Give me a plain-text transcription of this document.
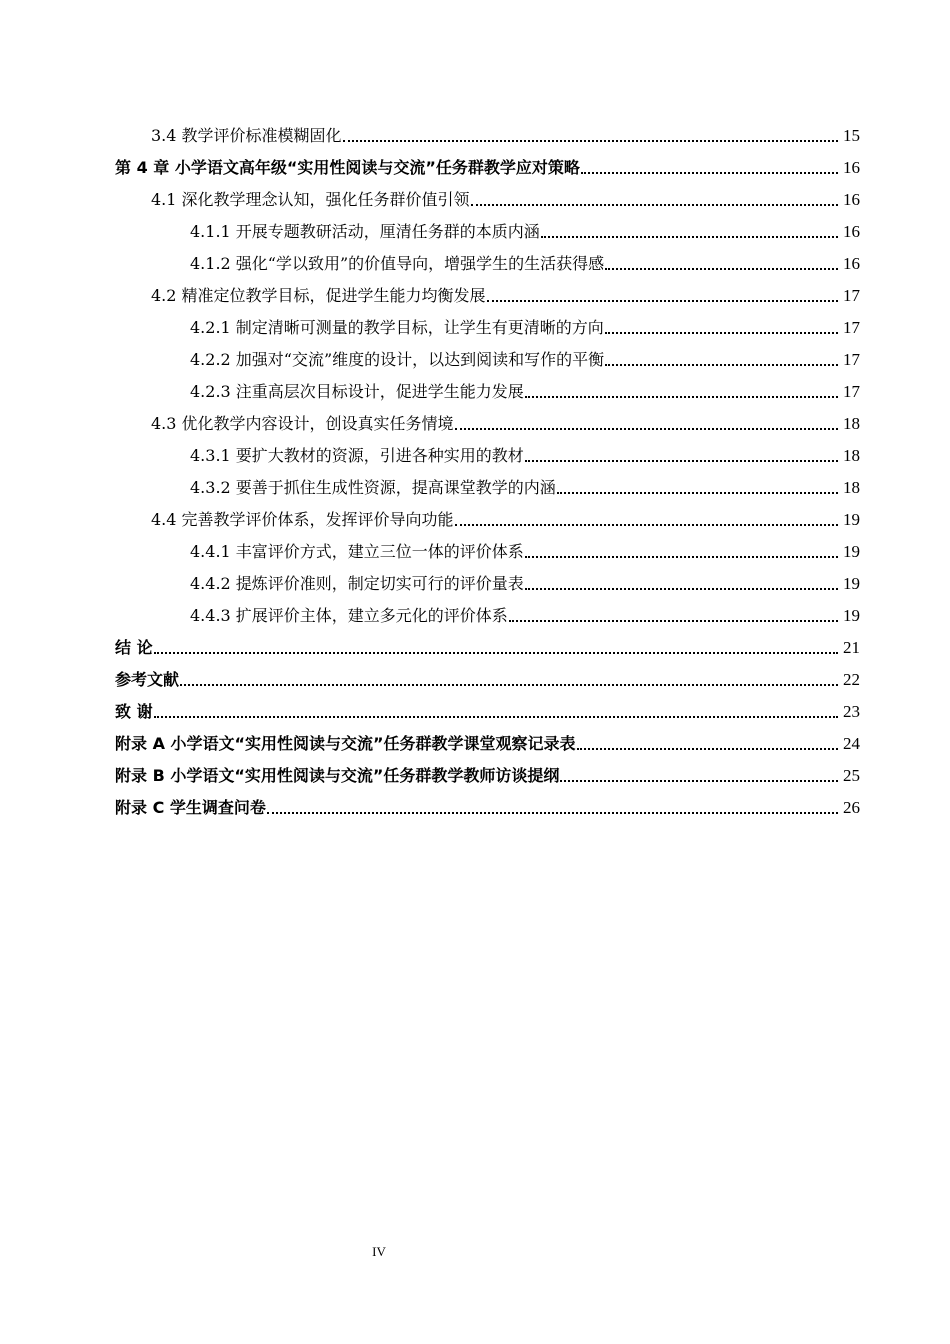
3.4 教学评价标准模糊固化	15
第 4 章 小学语文高年级“实用性阅读与交流”任务群教学应对策略	16
4.1 深化教学理念认知，强化任务群价值引领	16
4.1.1 开展专题教研活动，厘清任务群的本质内涵	16
4.1.2 强化“学以致用”的价值导向，增强学生的生活获得感	16
4.2 精准定位教学目标，促进学生能力均衡发展	17
4.2.1 制定清晰可测量的教学目标，让学生有更清晰的方向	17
4.2.2 加强对“交流”维度的设计，以达到阅读和写作的平衡	17
4.2.3 注重高层次目标设计，促进学生能力发展	17
4.3 优化教学内容设计，创设真实任务情境	18
4.3.1 要扩大教材的资源，引进各种实用的教材	18
4.3.2 要善于抓住生成性资源，提高课堂教学的内涵	18
4.4 完善教学评价体系，发挥评价导向功能	19
4.4.1 丰富评价方式，建立三位一体的评价体系	19
4.4.2 提炼评价准则，制定切实可行的评价量表	19
4.4.3 扩展评价主体，建立多元化的评价体系	19
结 论	21
参考文献	22
致 谢	23
附录 A 小学语文“实用性阅读与交流”任务群教学课堂观察记录表	24
附录 B 小学语文“实用性阅读与交流”任务群教学教师访谈提纲	25
附录 C 学生调查问卷	26
IV
